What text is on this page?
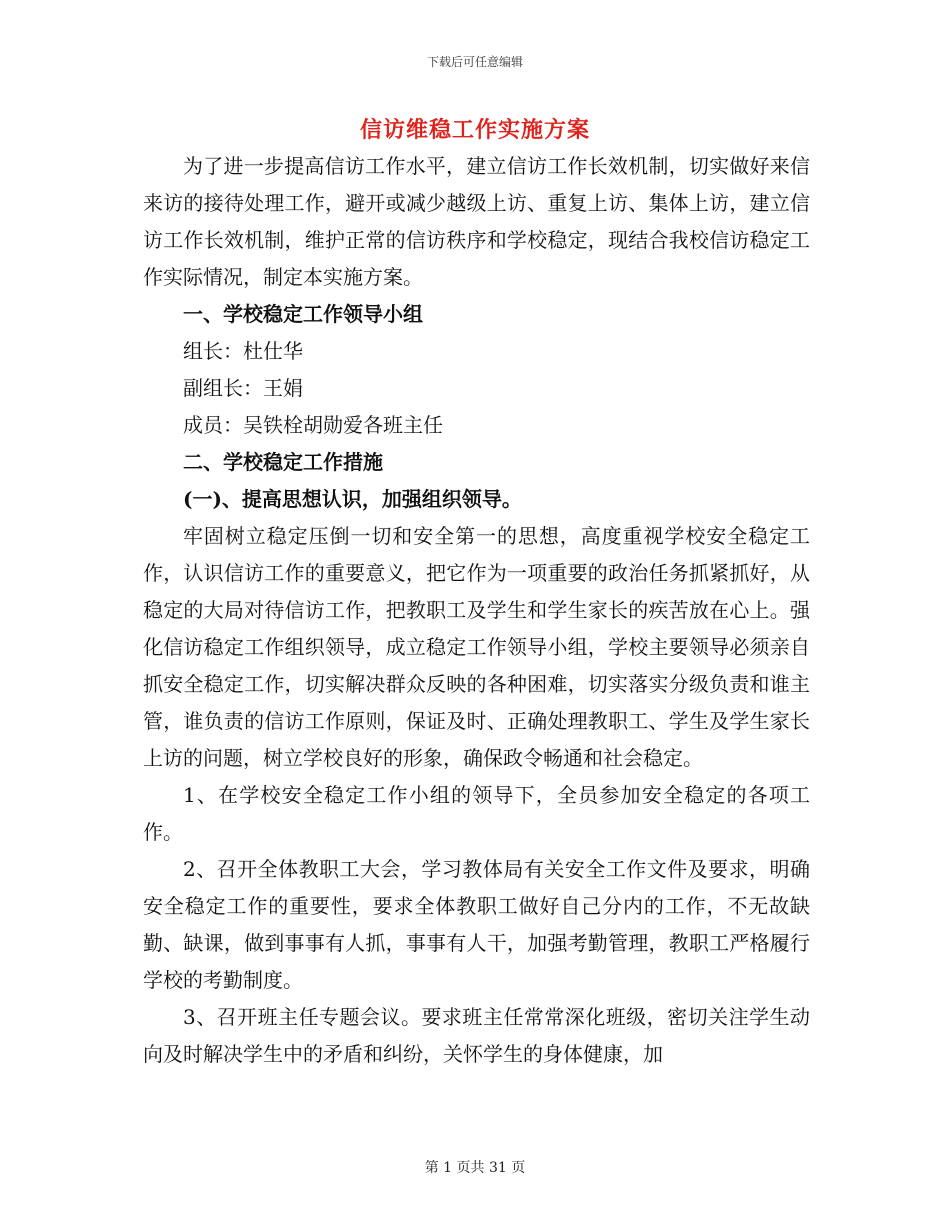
下载后可任意编辑
信访维稳工作实施方案

为了进一步提高信访工作水平，建立信访工作长效机制，切实做好来信来访的接待处理工作，避开或减少越级上访、重复上访、集体上访，建立信访工作长效机制，维护正常的信访秩序和学校稳定，现结合我校信访稳定工作实际情况，制定本实施方案。

一、学校稳定工作领导小组

组长：杜仕华

副组长：王娟

成员：吴铁栓胡勋爱各班主任

二、学校稳定工作措施

(一)、提高思想认识，加强组织领导。

牢固树立稳定压倒一切和安全第一的思想，高度重视学校安全稳定工作，认识信访工作的重要意义，把它作为一项重要的政治任务抓紧抓好，从稳定的大局对待信访工作，把教职工及学生和学生家长的疾苦放在心上。强化信访稳定工作组织领导，成立稳定工作领导小组，学校主要领导必须亲自抓安全稳定工作，切实解决群众反映的各种困难，切实落实分级负责和谁主管，谁负责的信访工作原则，保证及时、正确处理教职工、学生及学生家长上访的问题，树立学校良好的形象，确保政令畅通和社会稳定。

1、在学校安全稳定工作小组的领导下，全员参加安全稳定的各项工作。

2、召开全体教职工大会，学习教体局有关安全工作文件及要求，明确安全稳定工作的重要性，要求全体教职工做好自己分内的工作，不无故缺勤、缺课，做到事事有人抓，事事有人干，加强考勤管理，教职工严格履行学校的考勤制度。

3、召开班主任专题会议。要求班主任常常深化班级，密切关注学生动向及时解决学生中的矛盾和纠纷，关怀学生的身体健康，加

第 1 页共 31 页
